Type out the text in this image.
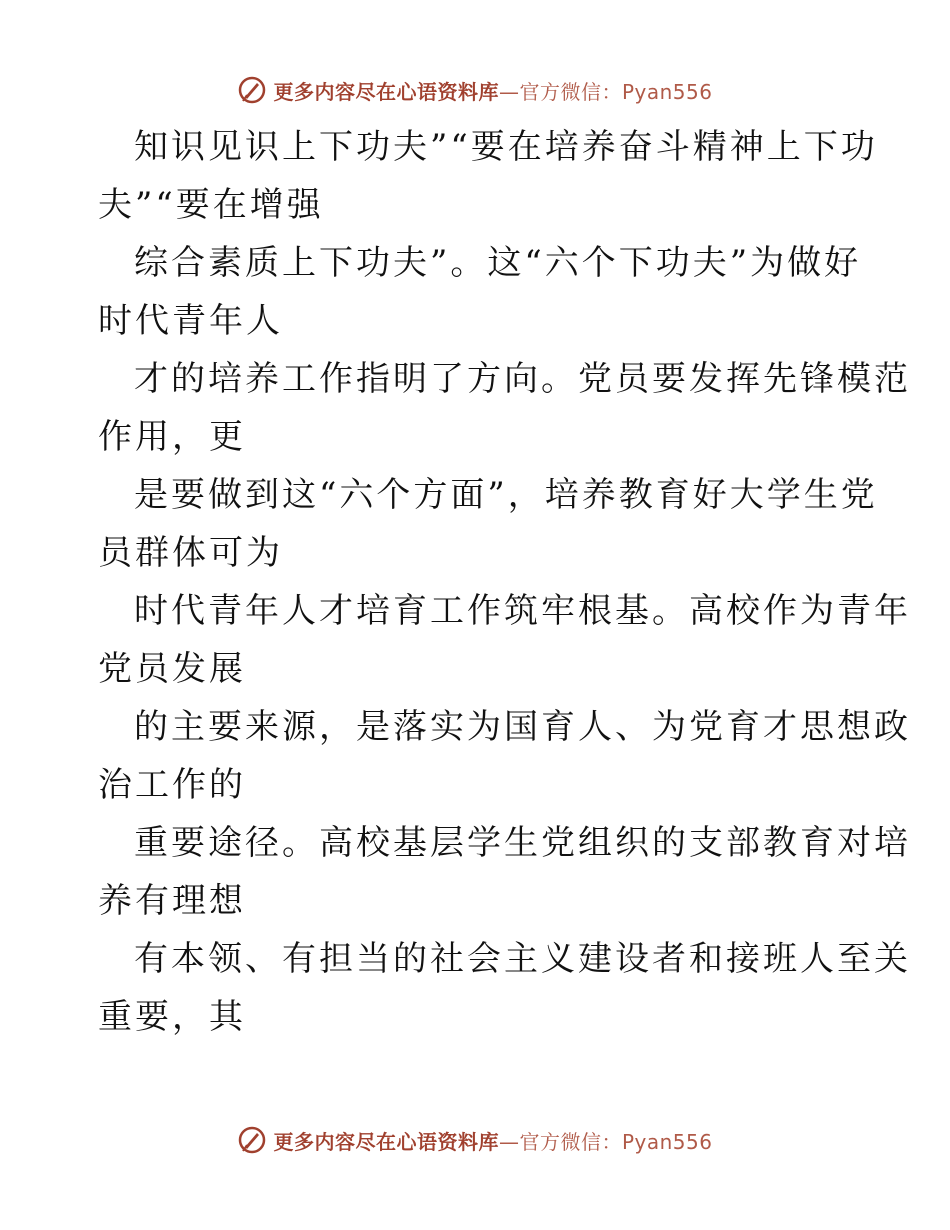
更多内容尽在心语资料库—官方微信：Pyan556

知识见识上下功夫”“要在培养奋斗精神上下功
夫”“要在增强

综合素质上下功夫”。这“六个下功夫”为做好
时代青年人

才的培养工作指明了方向。党员要发挥先锋模范
作用，更

是要做到这“六个方面”，培养教育好大学生党
员群体可为

时代青年人才培育工作筑牢根基。高校作为青年
党员发展

的主要来源，是落实为国育人、为党育才思想政
治工作的

重要途径。高校基层学生党组织的支部教育对培
养有理想

有本领、有担当的社会主义建设者和接班人至关
重要，其

更多内容尽在心语资料库—官方微信：Pyan556
